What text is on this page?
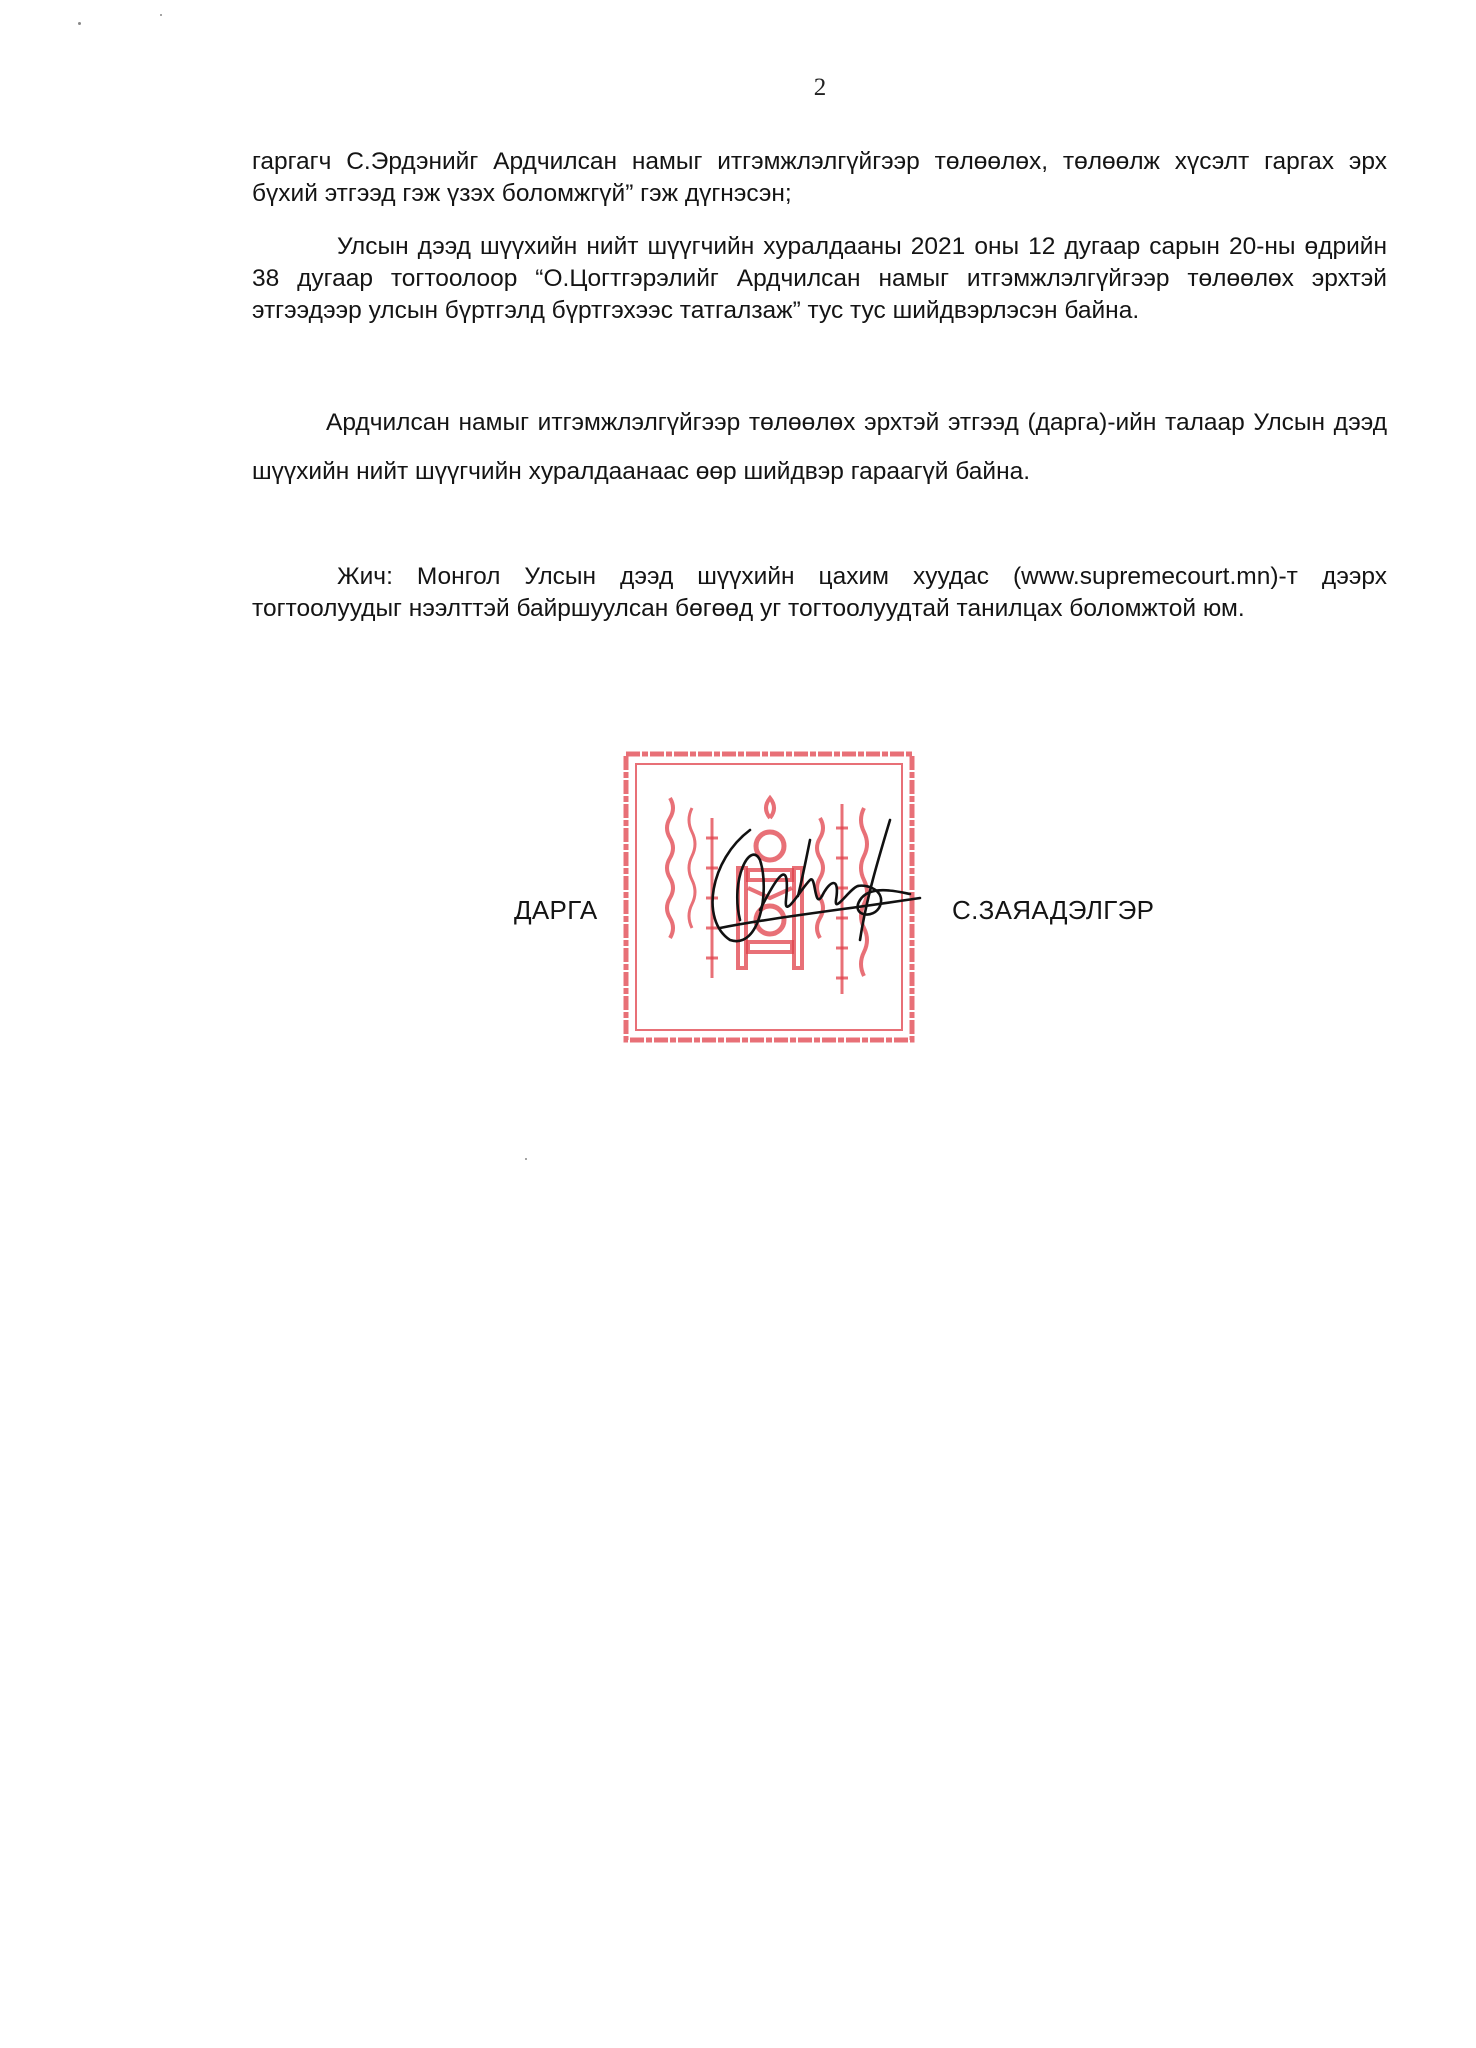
2
гаргагч С.Эрдэнийг Ардчилсан намыг итгэмжлэлгүйгээр төлөөлөх, төлөөлж хүсэлт гаргах эрх бүхий этгээд гэж үзэх боломжгүй” гэж дүгнэсэн;
Улсын дээд шүүхийн нийт шүүгчийн хуралдааны 2021 оны 12 дугаар сарын 20-ны өдрийн 38 дугаар тогтоолоор “О.Цогтгэрэлийг Ардчилсан намыг итгэмжлэлгүйгээр төлөөлөх эрхтэй этгээдээр улсын бүртгэлд бүртгэхээс татгалзаж” тус тус шийдвэрлэсэн байна.
Ардчилсан намыг итгэмжлэлгүйгээр төлөөлөх эрхтэй этгээд (дарга)-ийн талаар Улсын дээд шүүхийн нийт шүүгчийн хуралдаанаас өөр шийдвэр гараагүй байна.
Жич: Монгол Улсын дээд шүүхийн цахим хуудас (www.supremecourt.mn)-т дээрх тогтоолуудыг нээлттэй байршуулсан бөгөөд уг тогтоолуудтай танилцах боломжтой юм.
ДАРГА	С.ЗАЯАДЭЛГЭР
